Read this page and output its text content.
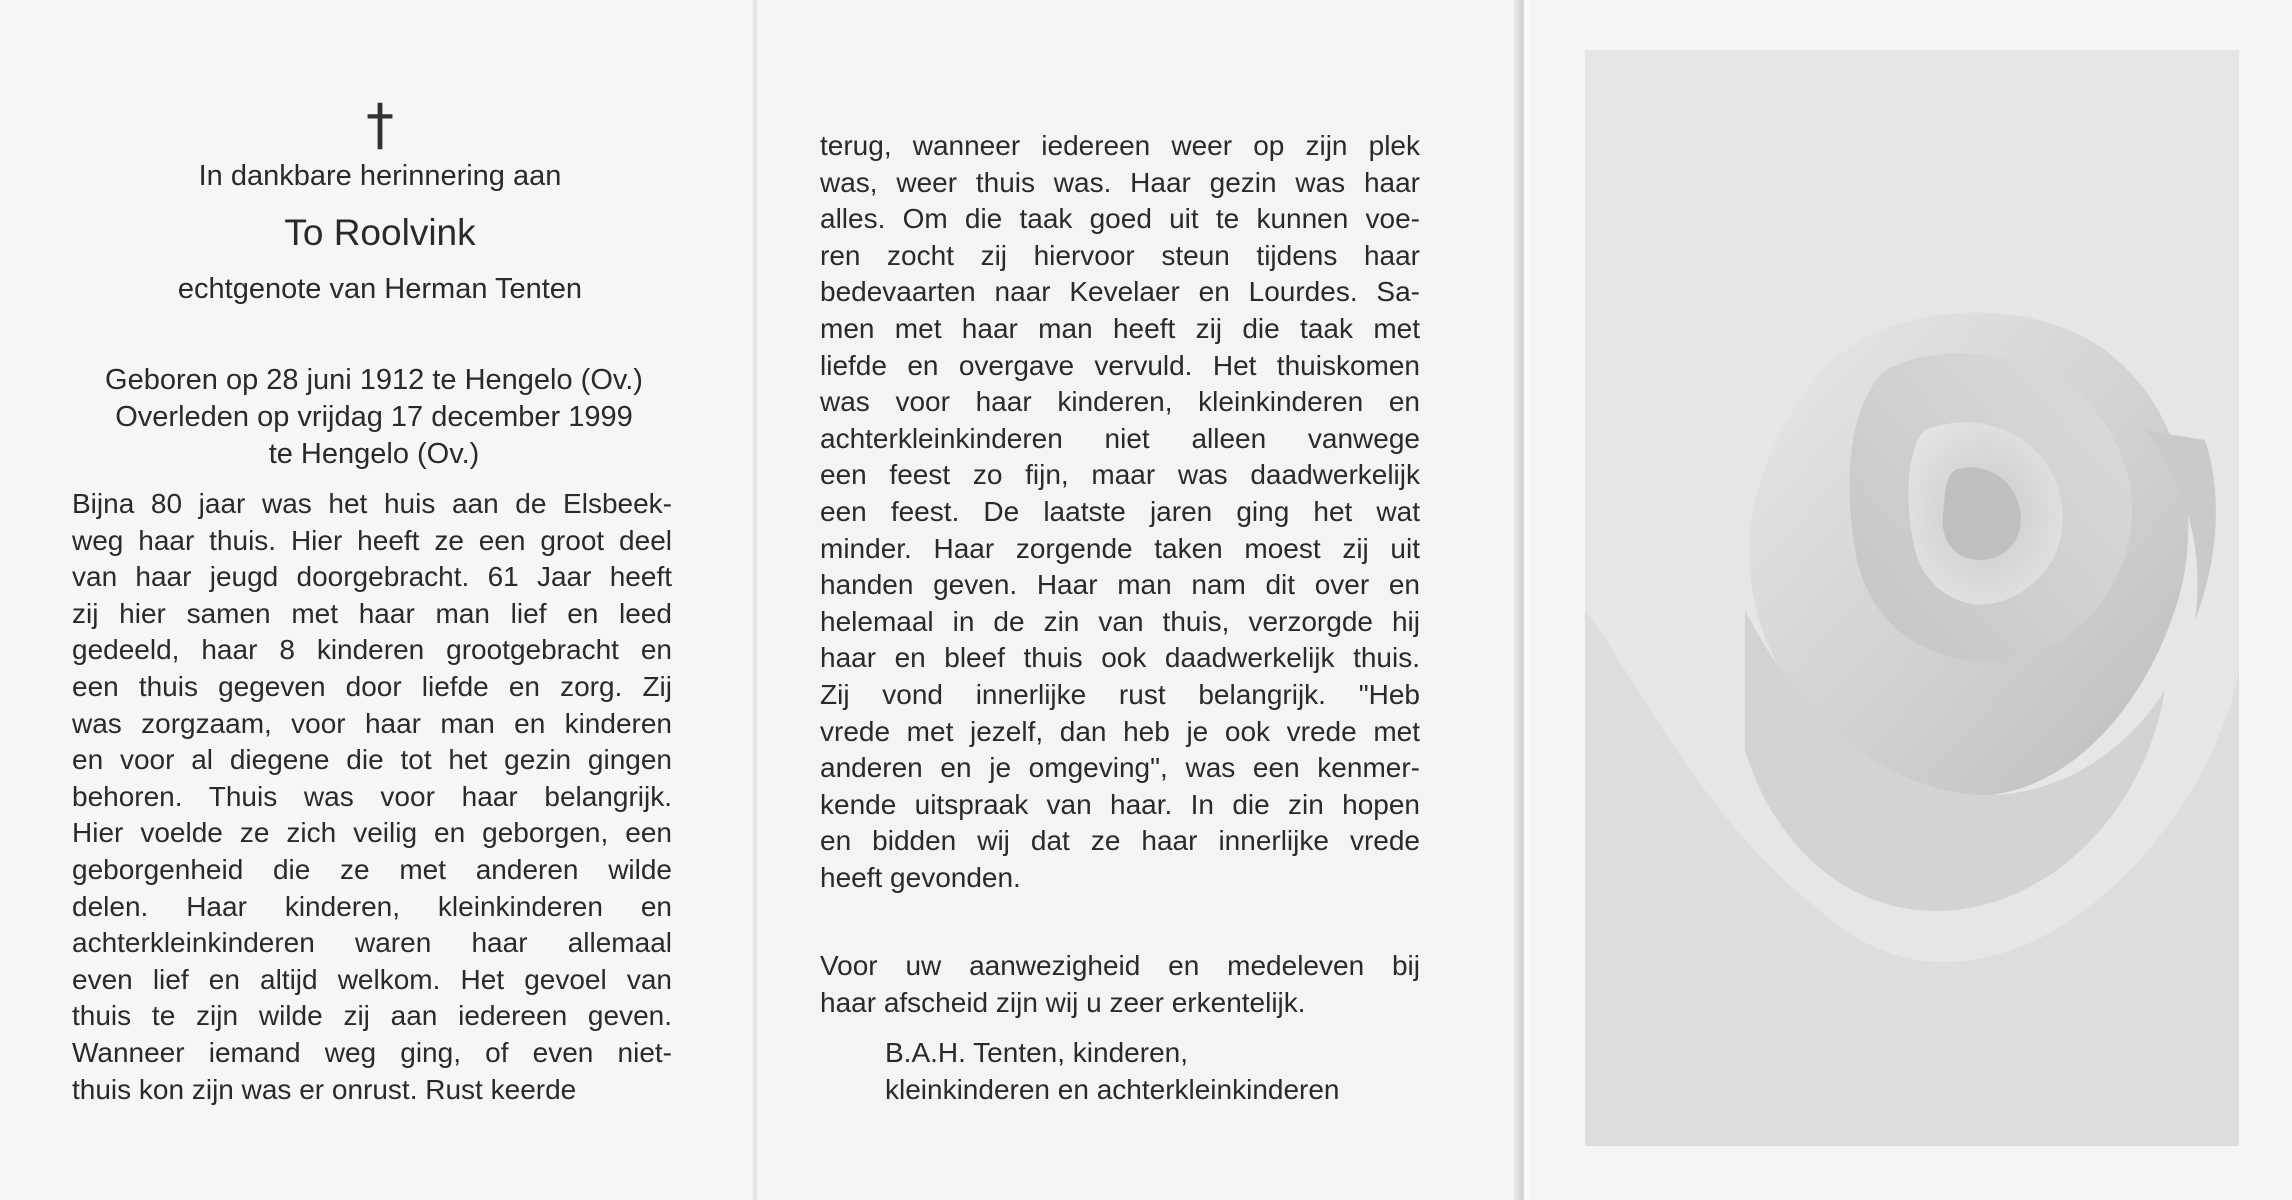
†
In dankbare herinnering aan
To Roolvink
echtgenote van Herman Tenten
Geboren op 28 juni 1912 te Hengelo (Ov.)
Overleden op vrijdag 17 december 1999
te Hengelo (Ov.)
Bijna 80 jaar was het huis aan de Elsbeek-
weg haar thuis. Hier heeft ze een groot deel
van haar jeugd doorgebracht. 61 Jaar heeft
zij hier samen met haar man lief en leed
gedeeld, haar 8 kinderen grootgebracht en
een thuis gegeven door liefde en zorg. Zij
was zorgzaam, voor haar man en kinderen
en voor al diegene die tot het gezin gingen
behoren. Thuis was voor haar belangrijk.
Hier voelde ze zich veilig en geborgen, een
geborgenheid die ze met anderen wilde
delen. Haar kinderen, kleinkinderen en
achterkleinkinderen waren haar allemaal
even lief en altijd welkom. Het gevoel van
thuis te zijn wilde zij aan iedereen geven.
Wanneer iemand weg ging, of even niet-
thuis kon zijn was er onrust. Rust keerde
terug, wanneer iedereen weer op zijn plek
was, weer thuis was. Haar gezin was haar
alles. Om die taak goed uit te kunnen voe-
ren zocht zij hiervoor steun tijdens haar
bedevaarten naar Kevelaer en Lourdes. Sa-
men met haar man heeft zij die taak met
liefde en overgave vervuld. Het thuiskomen
was voor haar kinderen, kleinkinderen en
achterkleinkinderen niet alleen vanwege
een feest zo fijn, maar was daadwerkelijk
een feest. De laatste jaren ging het wat
minder. Haar zorgende taken moest zij uit
handen geven. Haar man nam dit over en
helemaal in de zin van thuis, verzorgde hij
haar en bleef thuis ook daadwerkelijk thuis.
Zij vond innerlijke rust belangrijk. "Heb
vrede met jezelf, dan heb je ook vrede met
anderen en je omgeving", was een kenmer-
kende uitspraak van haar. In die zin hopen
en bidden wij dat ze haar innerlijke vrede
heeft gevonden.
Voor uw aanwezigheid en medeleven bij
haar afscheid zijn wij u zeer erkentelijk.
B.A.H. Tenten, kinderen,
kleinkinderen en achterkleinkinderen
